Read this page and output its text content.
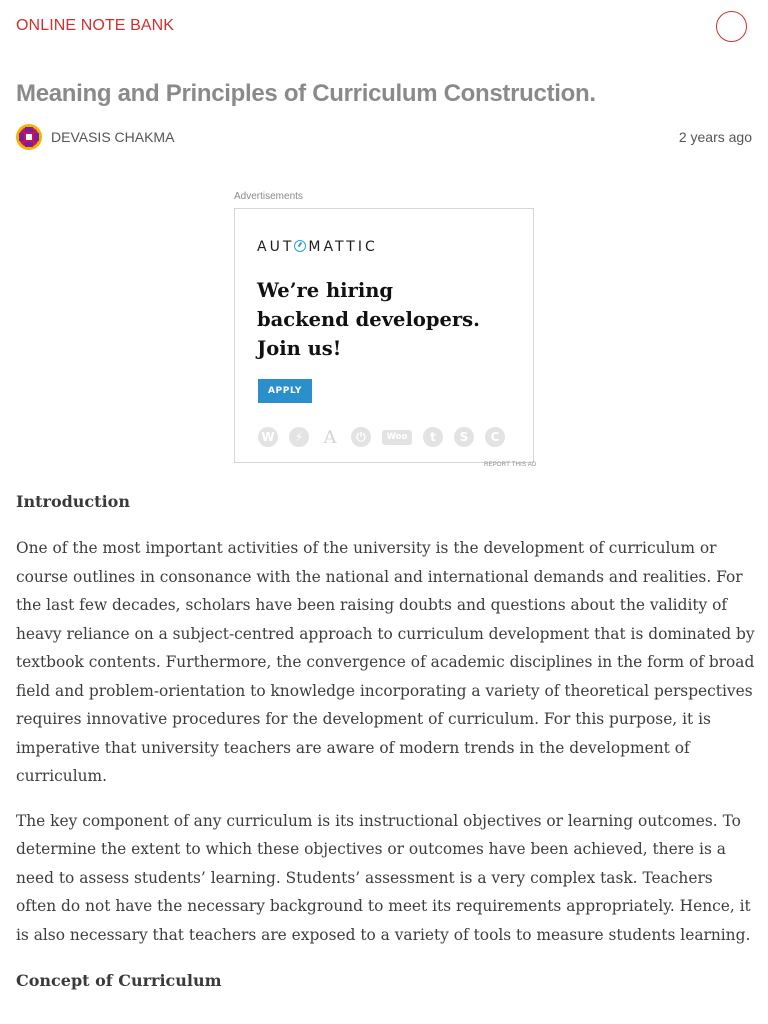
ONLINE NOTE BANK
Meaning and Principles of Curriculum Construction.
DEVASIS CHAKMA	2 years ago
Advertisements
AUT MATTIC
We’re hiring
backend developers.
Join us!
APPLY
W	⚡	A	⏻	Woo	t	S	C
REPORT THIS AD
Introduction

One of the most important activities of the university is the development of curriculum or course outlines in consonance with the national and international demands and realities. For the last few decades, scholars have been raising doubts and questions about the validity of heavy reliance on a subject-centred approach to curriculum development that is dominated by textbook contents. Furthermore, the convergence of academic disciplines in the form of broad field and problem-orientation to knowledge incorporating a variety of theoretical perspectives requires innovative procedures for the development of curriculum. For this purpose, it is imperative that university teachers are aware of modern trends in the development of curriculum.

The key component of any curriculum is its instructional objectives or learning outcomes. To determine the extent to which these objectives or outcomes have been achieved, there is a need to assess students’ learning. Students’ assessment is a very complex task. Teachers often do not have the necessary background to meet its requirements appropriately. Hence, it is also necessary that teachers are exposed to a variety of tools to measure students learning.

Concept of Curriculum
